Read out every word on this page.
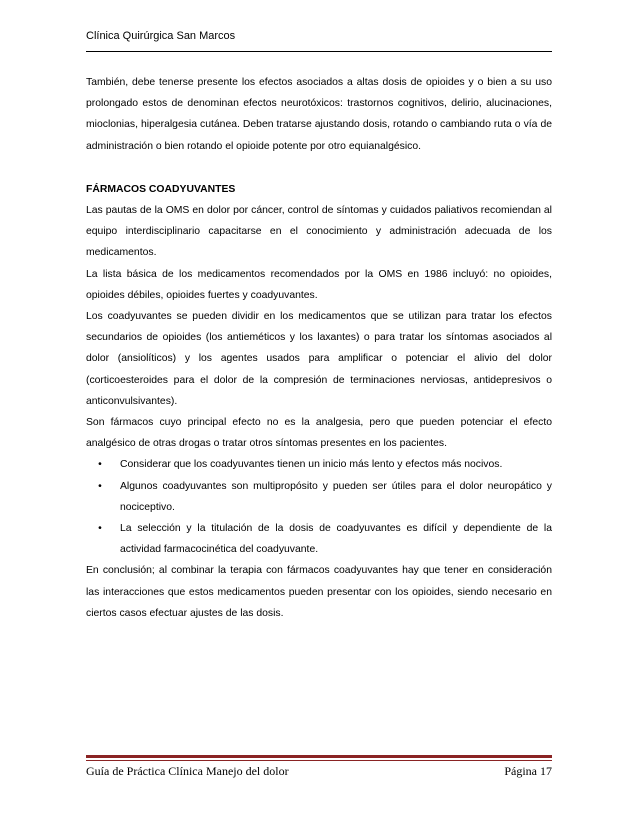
Clínica Quirúrgica San Marcos

También, debe tenerse presente los efectos asociados a altas dosis de opioides y o bien a su uso prolongado estos de denominan efectos neurotóxicos: trastornos cognitivos, delirio, alucinaciones, mioclonias, hiperalgesia cutánea. Deben tratarse ajustando dosis, rotando o cambiando ruta o vía de administración o bien rotando el opioide potente por otro equianalgésico.

FÁRMACOS COADYUVANTES

Las pautas de la OMS en dolor por cáncer, control de síntomas y cuidados paliativos recomiendan al equipo interdisciplinario capacitarse en el conocimiento y administración adecuada de los medicamentos.

La lista básica de los medicamentos recomendados por la OMS en 1986 incluyó: no opioides, opioides débiles, opioides fuertes y coadyuvantes.

Los coadyuvantes se pueden dividir en los medicamentos que se utilizan para tratar los efectos secundarios de opioides (los antieméticos y los laxantes) o para tratar los síntomas asociados al dolor (ansiolíticos) y los agentes usados para amplificar o potenciar el alivio del dolor (corticoesteroides para el dolor de la compresión de terminaciones nerviosas, antidepresivos o anticonvulsivantes).

Son fármacos cuyo principal efecto no es la analgesia, pero que pueden potenciar el efecto analgésico de otras drogas o tratar otros síntomas presentes en los pacientes.

•	Considerar que los coadyuvantes tienen un inicio más lento y efectos más nocivos.
•	Algunos coadyuvantes son multipropósito y pueden ser útiles para el dolor neuropático y nociceptivo.
•	La selección y la titulación de la dosis de coadyuvantes es difícil y dependiente de la actividad farmacocinética del coadyuvante.

En conclusión; al combinar la terapia con fármacos coadyuvantes hay que tener en consideración las interacciones que estos medicamentos pueden presentar con los opioides, siendo necesario en ciertos casos efectuar ajustes de las dosis.

Guía de Práctica Clínica Manejo del dolor	Página 17
